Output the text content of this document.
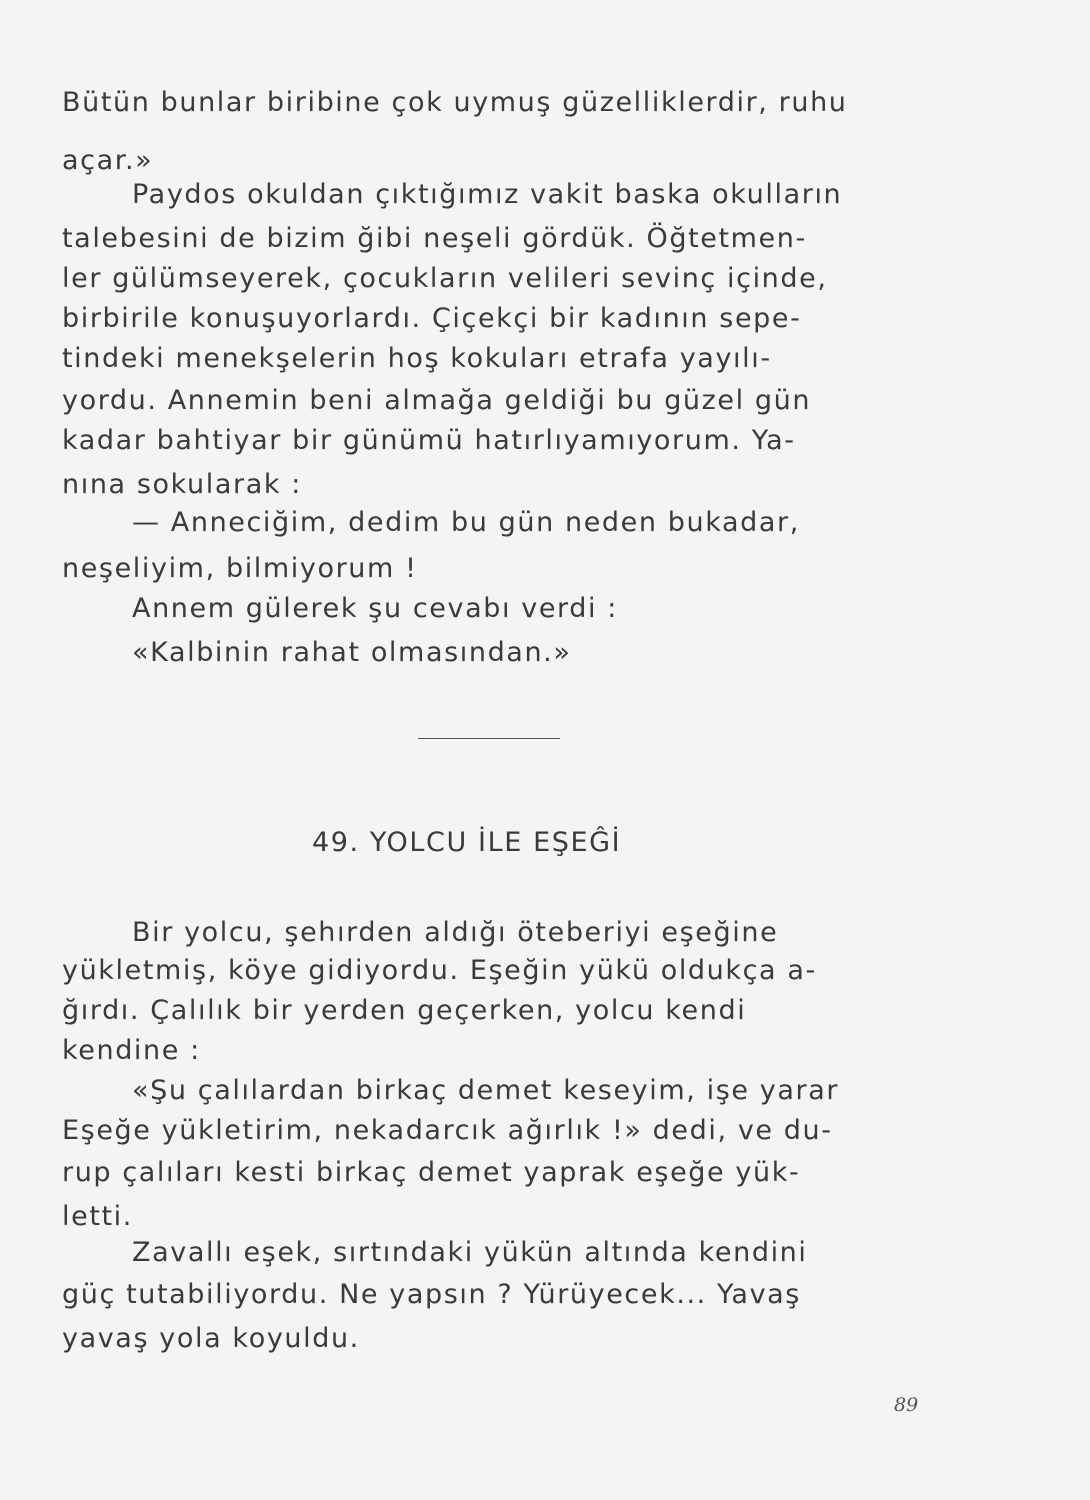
Bütün bunlar biribine çok uymuş güzelliklerdir, ruhu
açar.»
Paydos okuldan çıktığımız vakit baska okulların
talebesini de bizim ğibi neşeli gördük. Öğtetmen-
ler gülümseyerek, çocukların velileri sevinç içinde,
birbirile konuşuyorlardı. Çiçekçi bir kadının sepe-
tindeki menekşelerin hoş kokuları etrafa yayılı-
yordu. Annemin beni almağa geldiği bu güzel gün
kadar bahtiyar bir günümü hatırlıyamıyorum. Ya-
nına sokularak :
— Anneciğim, dedim bu gün neden bukadar,
neşeliyim, bilmiyorum !
Annem gülerek şu cevabı verdi :
«Kalbinin rahat olmasından.»
49. YOLCU İLE EŞEĜİ
Bir yolcu, şehırden aldığı öteberiyi eşeğine
yükletmiş, köye gidiyordu. Eşeğin yükü oldukça a-
ğırdı. Çalılık bir yerden geçerken, yolcu kendi
kendine :
«Şu çalılardan birkaç demet keseyim, işe yarar
Eşeğe yükletirim, nekadarcık ağırlık !» dedi, ve du-
rup çalıları kesti birkaç demet yaprak eşeğe yük-
letti.
Zavallı eşek, sırtındaki yükün altında kendini
güç tutabiliyordu. Ne yapsın ? Yürüyecek... Yavaş
yavaş yola koyuldu.
89
